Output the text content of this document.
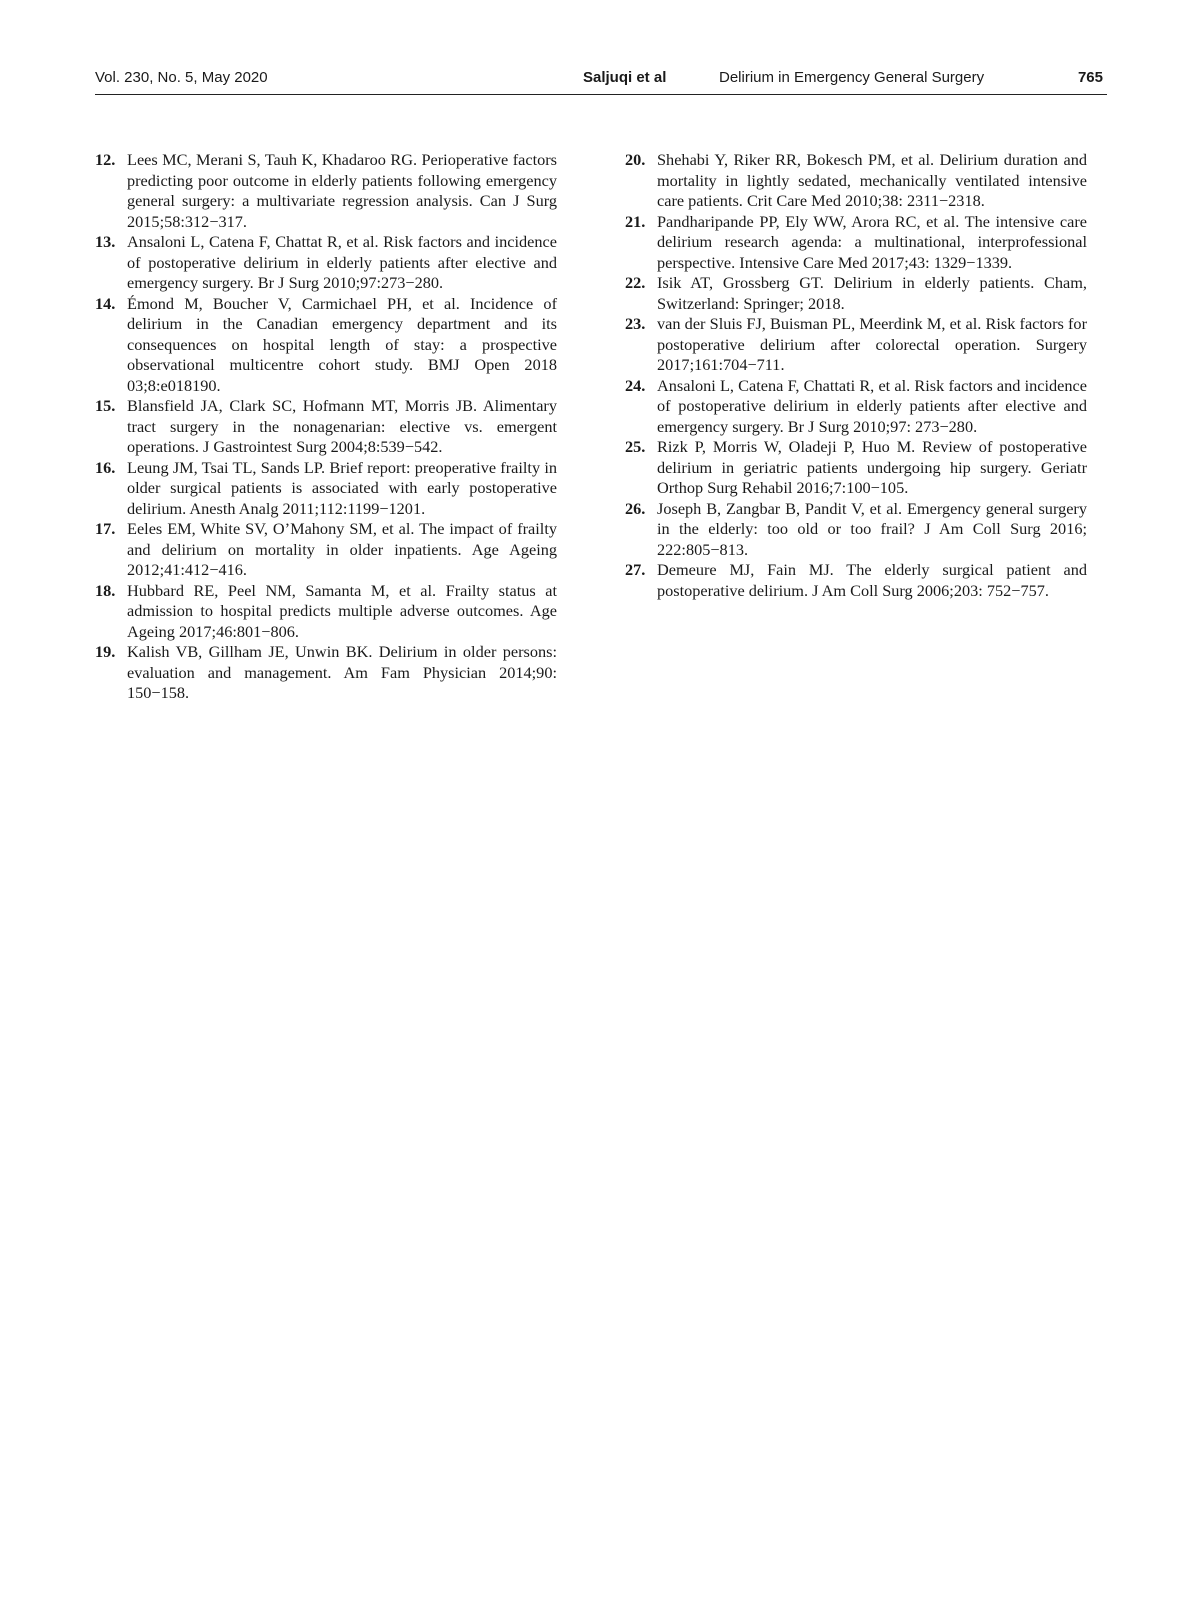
Vol. 230, No. 5, May 2020	Saljuqi et al	Delirium in Emergency General Surgery	765
12. Lees MC, Merani S, Tauh K, Khadaroo RG. Perioperative factors predicting poor outcome in elderly patients following emergency general surgery: a multivariate regression analysis. Can J Surg 2015;58:312−317.
13. Ansaloni L, Catena F, Chattat R, et al. Risk factors and incidence of postoperative delirium in elderly patients after elective and emergency surgery. Br J Surg 2010;97:273−280.
14. Émond M, Boucher V, Carmichael PH, et al. Incidence of delirium in the Canadian emergency department and its consequences on hospital length of stay: a prospective observational multicentre cohort study. BMJ Open 2018 03;8:e018190.
15. Blansfield JA, Clark SC, Hofmann MT, Morris JB. Alimentary tract surgery in the nonagenarian: elective vs. emergent operations. J Gastrointest Surg 2004;8:539−542.
16. Leung JM, Tsai TL, Sands LP. Brief report: preoperative frailty in older surgical patients is associated with early postoperative delirium. Anesth Analg 2011;112:1199−1201.
17. Eeles EM, White SV, O’Mahony SM, et al. The impact of frailty and delirium on mortality in older inpatients. Age Ageing 2012;41:412−416.
18. Hubbard RE, Peel NM, Samanta M, et al. Frailty status at admission to hospital predicts multiple adverse outcomes. Age Ageing 2017;46:801−806.
19. Kalish VB, Gillham JE, Unwin BK. Delirium in older persons: evaluation and management. Am Fam Physician 2014;90: 150−158.
20. Shehabi Y, Riker RR, Bokesch PM, et al. Delirium duration and mortality in lightly sedated, mechanically ventilated intensive care patients. Crit Care Med 2010;38: 2311−2318.
21. Pandharipande PP, Ely WW, Arora RC, et al. The intensive care delirium research agenda: a multinational, interprofessional perspective. Intensive Care Med 2017;43: 1329−1339.
22. Isik AT, Grossberg GT. Delirium in elderly patients. Cham, Switzerland: Springer; 2018.
23. van der Sluis FJ, Buisman PL, Meerdink M, et al. Risk factors for postoperative delirium after colorectal operation. Surgery 2017;161:704−711.
24. Ansaloni L, Catena F, Chattati R, et al. Risk factors and incidence of postoperative delirium in elderly patients after elective and emergency surgery. Br J Surg 2010;97: 273−280.
25. Rizk P, Morris W, Oladeji P, Huo M. Review of postoperative delirium in geriatric patients undergoing hip surgery. Geriatr Orthop Surg Rehabil 2016;7:100−105.
26. Joseph B, Zangbar B, Pandit V, et al. Emergency general surgery in the elderly: too old or too frail? J Am Coll Surg 2016; 222:805−813.
27. Demeure MJ, Fain MJ. The elderly surgical patient and postoperative delirium. J Am Coll Surg 2006;203: 752−757.
